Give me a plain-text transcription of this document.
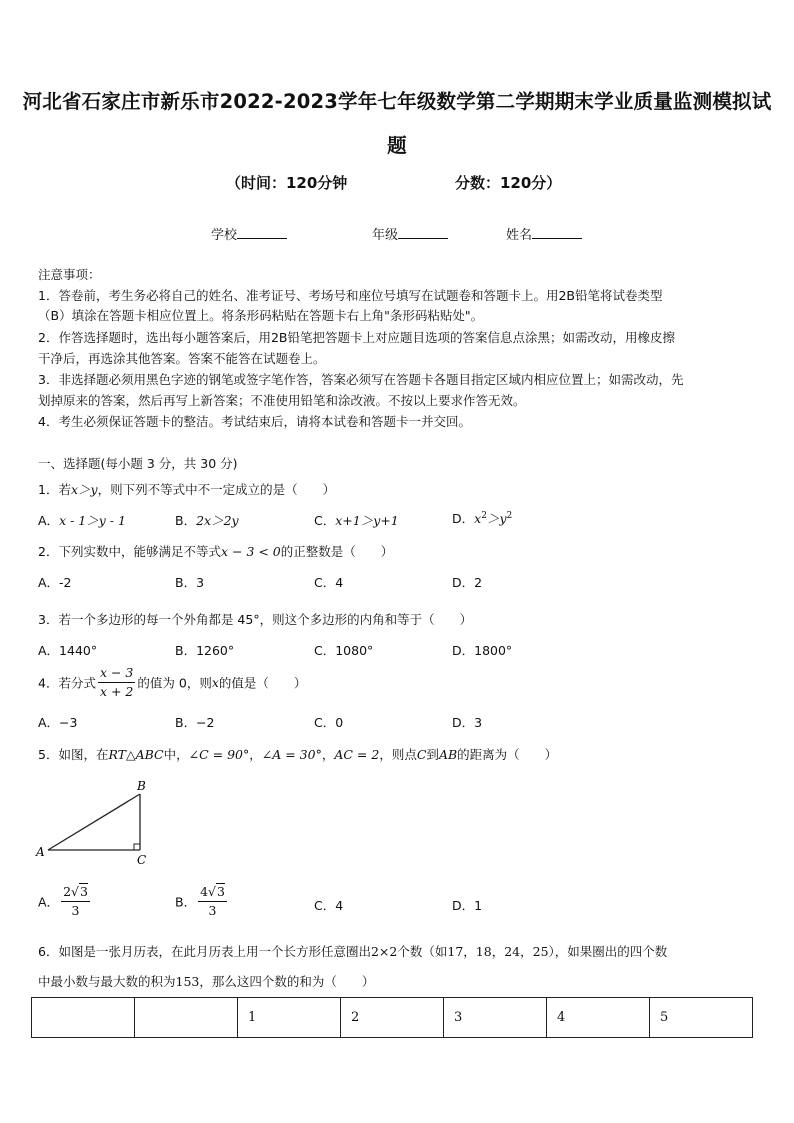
河北省石家庄市新乐市2022-2023学年七年级数学第二学期期末学业质量监测模拟试
题
（时间：120分钟	分数：120分）
学校	年级	姓名
注意事项：
1．答卷前，考生务必将自己的姓名、准考证号、考场号和座位号填写在试题卷和答题卡上。用2B铅笔将试卷类型
（B）填涂在答题卡相应位置上。将条形码粘贴在答题卡右上角"条形码粘贴处"。
2．作答选择题时，选出每小题答案后，用2B铅笔把答题卡上对应题目选项的答案信息点涂黑；如需改动，用橡皮擦
干净后，再选涂其他答案。答案不能答在试题卷上。
3．非选择题必须用黑色字迹的钢笔或签字笔作答，答案必须写在答题卡各题目指定区域内相应位置上；如需改动，先
划掉原来的答案，然后再写上新答案；不准使用铅笔和涂改液。不按以上要求作答无效。
4．考生必须保证答题卡的整洁。考试结束后，请将本试卷和答题卡一并交回。
一、选择题(每小题 3 分，共 30 分)
1．若x＞y，则下列不等式中不一定成立的是（　　）
A．x - 1＞y - 1	B．2x＞2y	C．x+1＞y+1	D．$x^2>y^2$
2．下列实数中，能够满足不等式x − 3 < 0的正整数是（　　）
A．-2	B．3	C．4	D．2
3．若一个多边形的每一个外角都是 45°，则这个多边形的内角和等于（　　）
A．1440°	B．1260°	C．1080°	D．1800°
4．若分式 $\frac{x - 3}{x + 2}$ 的值为 0，则x的值是（　　）
A．−3	B．−2	C．0	D．3
5．如图，在RT△ABC中，∠C = 90°，∠A = 30°，AC = 2，则点C到AB的距离为（　　）
A
B
C
A． $\frac{2√3}{3}$	B． $\frac{4√3}{3}$	C．4	D．1
6．如图是一张月历表，在此月历表上用一个长方形任意圈出2×2个数（如17，18，24，25），如果圈出的四个数
中最小数与最大数的积为153，那么这四个数的和为（　　）
		1	2	3	4	5
